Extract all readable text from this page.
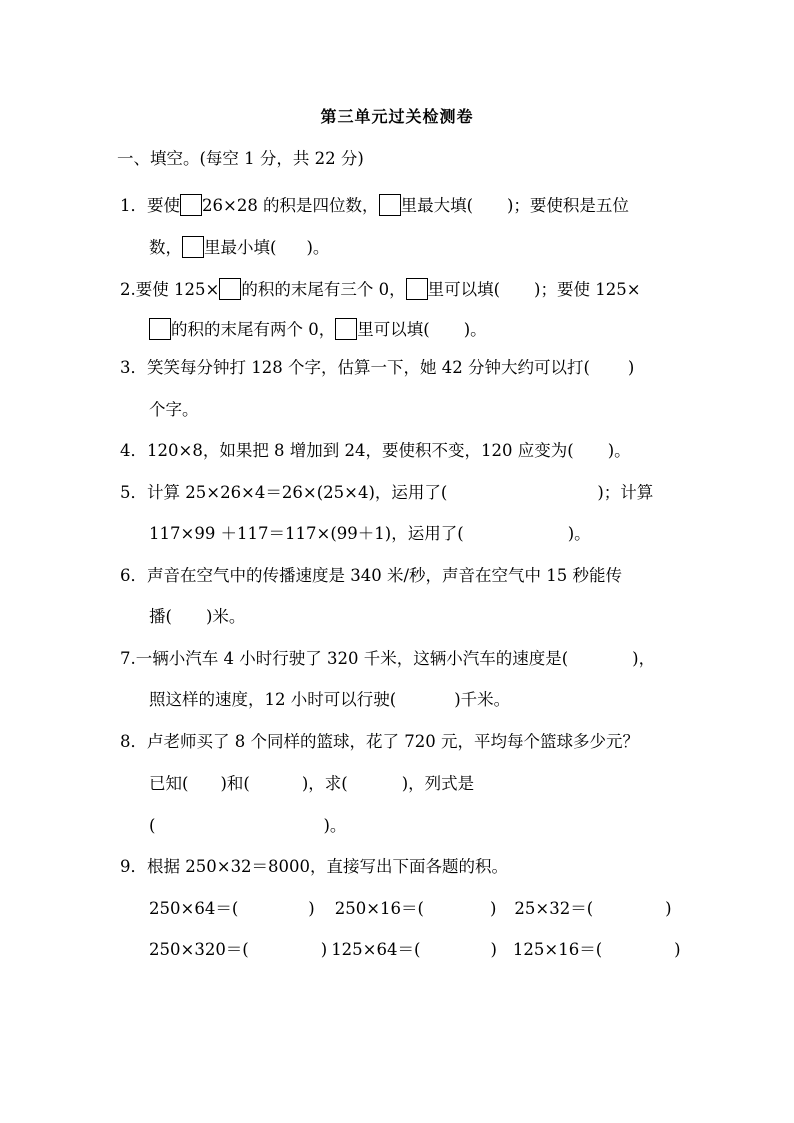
第三单元过关检测卷
一、填空。(每空 1 分，共 22 分)
1．要使 26×28 的积是四位数， 里最大填( )；要使积是五位
数， 里最小填( )。
2.要使 125× 的积的末尾有三个 0， 里可以填( )；要使 125×
的积的末尾有两个 0， 里可以填( )。
3．笑笑每分钟打 128 个字，估算一下，她 42 分钟大约可以打( )
个字。
4．120×8，如果把 8 增加到 24，要使积不变，120 应变为( )。
5．计算 25×26×4＝26×(25×4)，运用了(	)；计算
117×99 ＋117＝117×(99＋1)，运用了(	)。
6．声音在空气中的传播速度是 340 米/秒，声音在空气中 15 秒能传
播( )米。
7.一辆小汽车 4 小时行驶了 320 千米，这辆小汽车的速度是(	)，
照这样的速度，12 小时可以行驶(	)千米。
8．卢老师买了 8 个同样的篮球，花了 720 元，平均每个篮球多少元？
已知( )和(	)，求(	)，列式是
(	)。
9．根据 250×32＝8000，直接写出下面各题的积。
250×64＝(	) 250×16＝(	) 25×32＝(	)
250×320＝(	) 125×64＝(	) 125×16＝(	)
